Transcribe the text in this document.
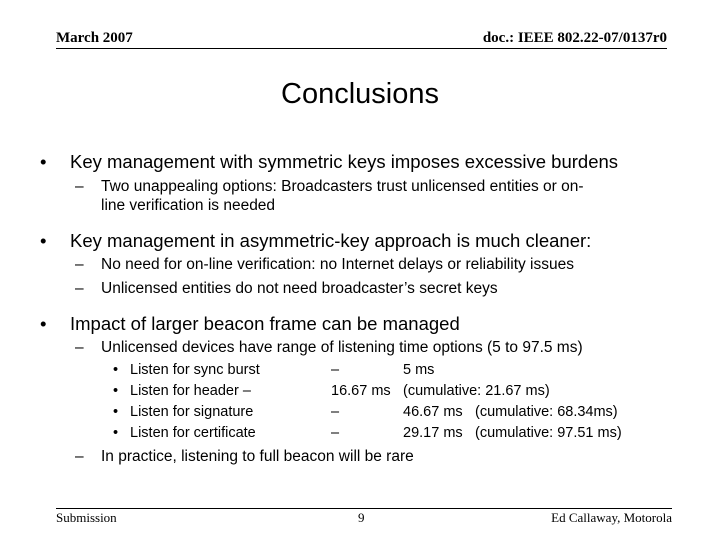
March 2007	doc.: IEEE 802.22-07/0137r0
Conclusions
• Key management with symmetric keys imposes excessive burdens
– Two unappealing options: Broadcasters trust unlicensed entities or on-
line verification is needed
• Key management in asymmetric-key approach is much cleaner:
– No need for on-line verification: no Internet delays or reliability issues
– Unlicensed entities do not need broadcaster’s secret keys
• Impact of larger beacon frame can be managed
– Unlicensed devices have range of listening time options (5 to 97.5 ms)
• Listen for sync burst	–	5 ms
• Listen for header –	16.67 ms (cumulative: 21.67 ms)
• Listen for signature	–	46.67 ms (cumulative: 68.34ms)
• Listen for certificate	–	29.17 ms (cumulative: 97.51 ms)
– In practice, listening to full beacon will be rare
Submission	9	Ed Callaway, Motorola
